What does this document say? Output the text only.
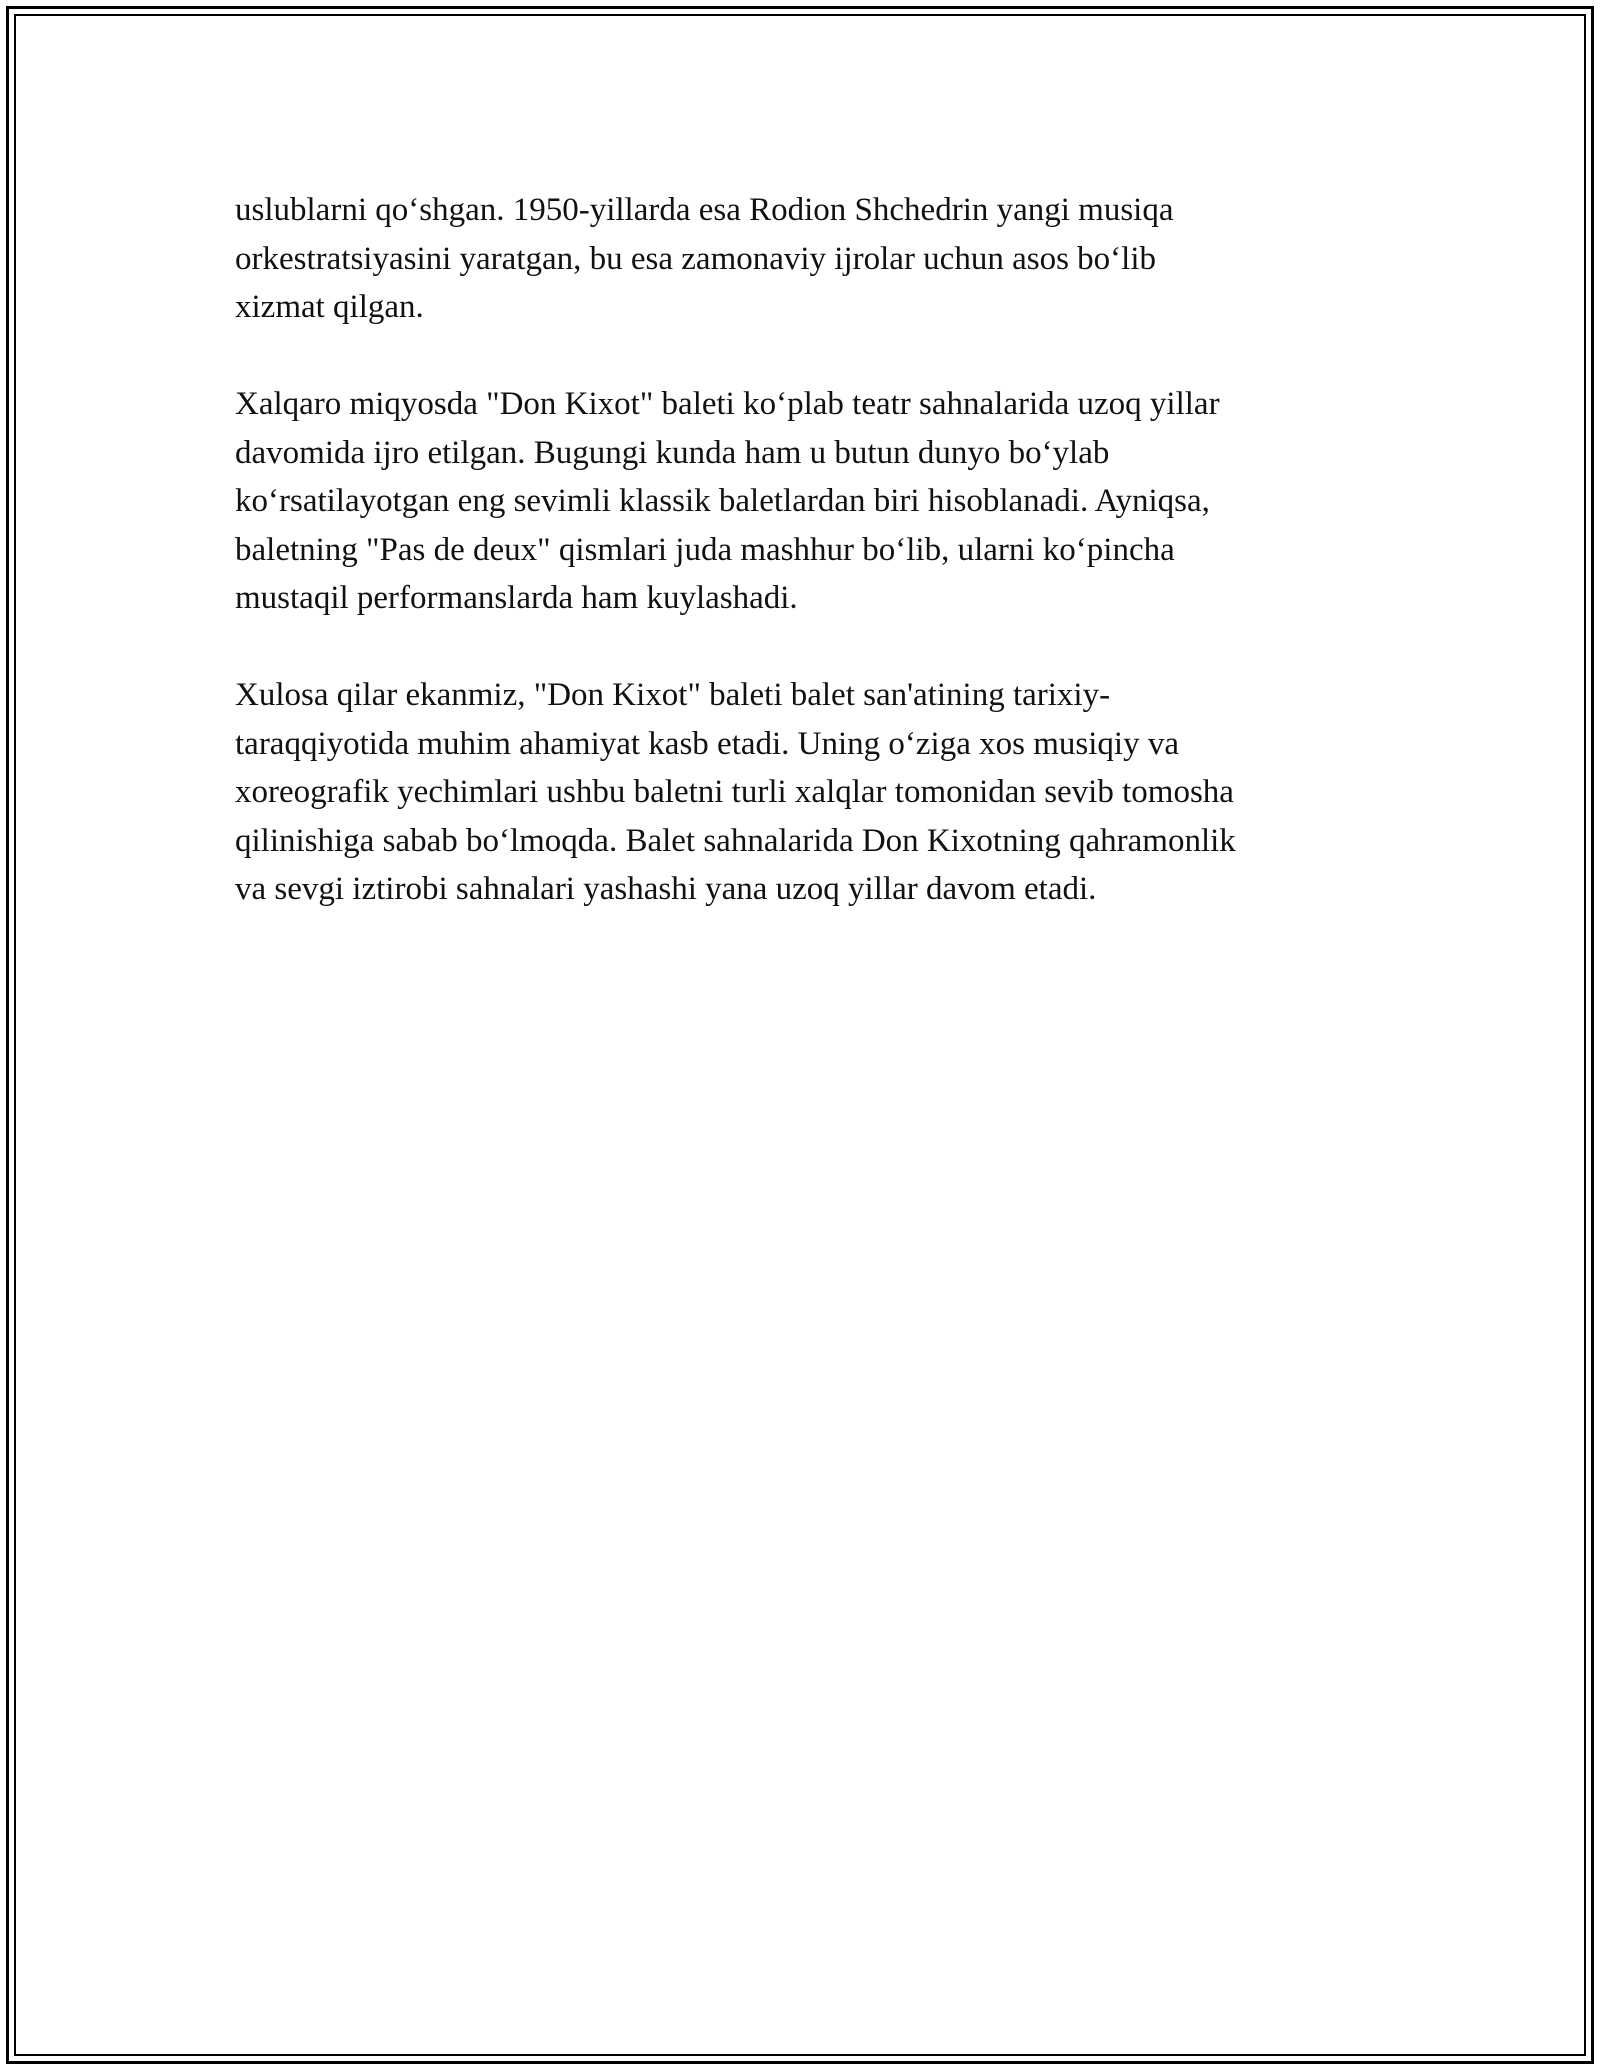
uslublarni qo‘shgan. 1950-yillarda esa Rodion Shchedrin yangi musiqa
orkestratsiyasini yaratgan, bu esa zamonaviy ijrolar uchun asos bo‘lib
xizmat qilgan.

Xalqaro miqyosda "Don Kixot" baleti ko‘plab teatr sahnalarida uzoq yillar
davomida ijro etilgan. Bugungi kunda ham u butun dunyo bo‘ylab
ko‘rsatilayotgan eng sevimli klassik baletlardan biri hisoblanadi. Ayniqsa,
baletning "Pas de deux" qismlari juda mashhur bo‘lib, ularni ko‘pincha
mustaqil performanslarda ham kuylashadi.

Xulosa qilar ekanmiz, "Don Kixot" baleti balet san'atining tarixiy-
taraqqiyotida muhim ahamiyat kasb etadi. Uning o‘ziga xos musiqiy va
xoreografik yechimlari ushbu baletni turli xalqlar tomonidan sevib tomosha
qilinishiga sabab bo‘lmoqda. Balet sahnalarida Don Kixotning qahramonlik
va sevgi iztirobi sahnalari yashashi yana uzoq yillar davom etadi.
